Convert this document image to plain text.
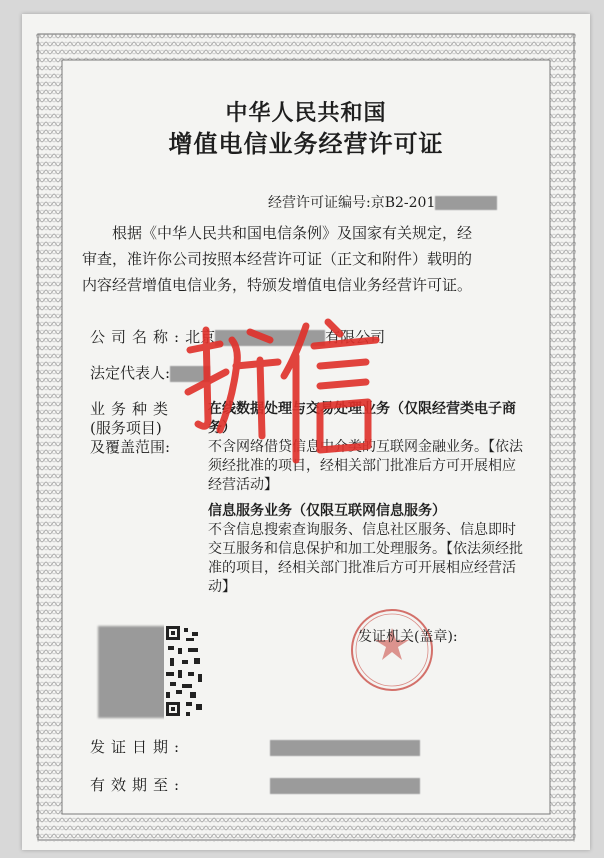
中华人民共和国
增值电信业务经营许可证
经营许可证编号:京B2-201

根据《中华人民共和国电信条例》及国家有关规定，经

审查，准许你公司按照本经营许可证（正文和附件）载明的
内容经营增值电信业务，特颁发增值电信业务经营许可证。
公司名称:北京	有限公司
法定代表人:
业务种类
(服务项目)
及覆盖范围:
在线数据处理与交易处理业务（仅限经营类电子商务）
不含网络借贷信息中介类的互联网金融业务。【依法须经批准的项目，经相关部门批准后方可开展相应经营活动】
信息服务业务（仅限互联网信息服务）
不含信息搜索查询服务、信息社区服务、信息即时交互服务和信息保护和加工处理服务。【依法须经批准的项目，经相关部门批准后方可开展相应经营活动】
发证机关(盖章):
发证日期:
有效期至:
